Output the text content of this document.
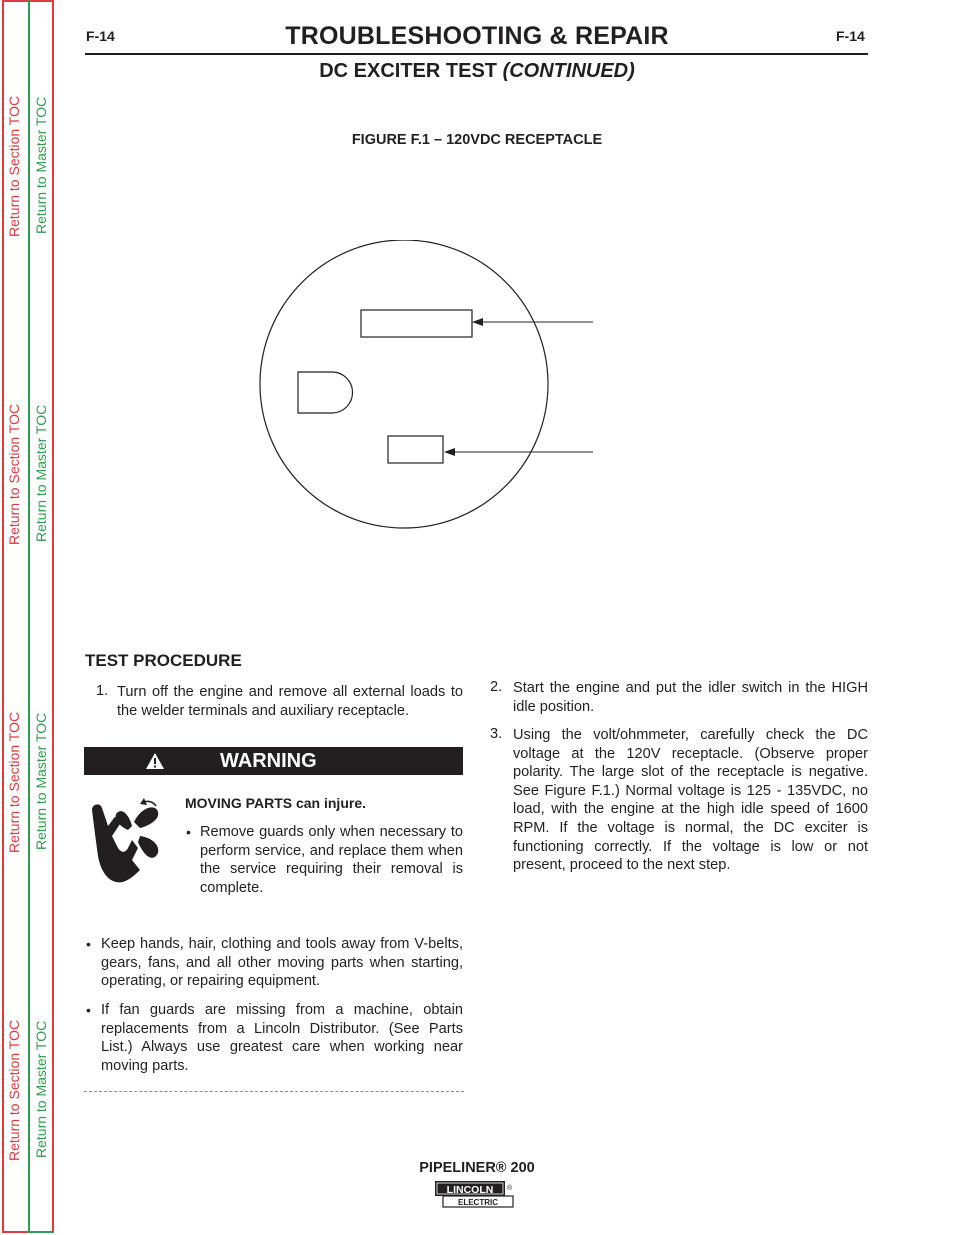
Return to Section TOC
Return to Section TOC
Return to Section TOC
Return to Section TOC
Return to Master TOC
Return to Master TOC
Return to Master TOC
Return to Master TOC
F-14	F-14
TROUBLESHOOTING & REPAIR
DC EXCITER TEST (CONTINUED)
FIGURE F.1 – 120VDC RECEPTACLE
TEST PROCEDURE
1. Turn off the engine and remove all external loads to the welder terminals and auxiliary receptacle.
2. Start the engine and put the idler switch in the HIGH idle position.
3. Using the volt/ohmmeter, carefully check the DC voltage at the 120V receptacle. (Observe proper polarity. The large slot of the receptacle is negative. See Figure F.1.) Normal voltage is 125 - 135VDC, no load, with the engine at the high idle speed of 1600 RPM. If the voltage is normal, the DC exciter is functioning correctly. If the voltage is low or not present, proceed to the next step.
WARNING
MOVING PARTS can injure.
• Remove guards only when necessary to perform service, and replace them when the service requiring their removal is complete.
• Keep hands, hair, clothing and tools away from V-belts, gears, fans, and all other moving parts when starting, operating, or repairing equipment.
• If fan guards are missing from a machine, obtain replacements from a Lincoln Distributor. (See Parts List.) Always use greatest care when working near moving parts.
PIPELINER® 200
LINCOLN
ELECTRIC
®
